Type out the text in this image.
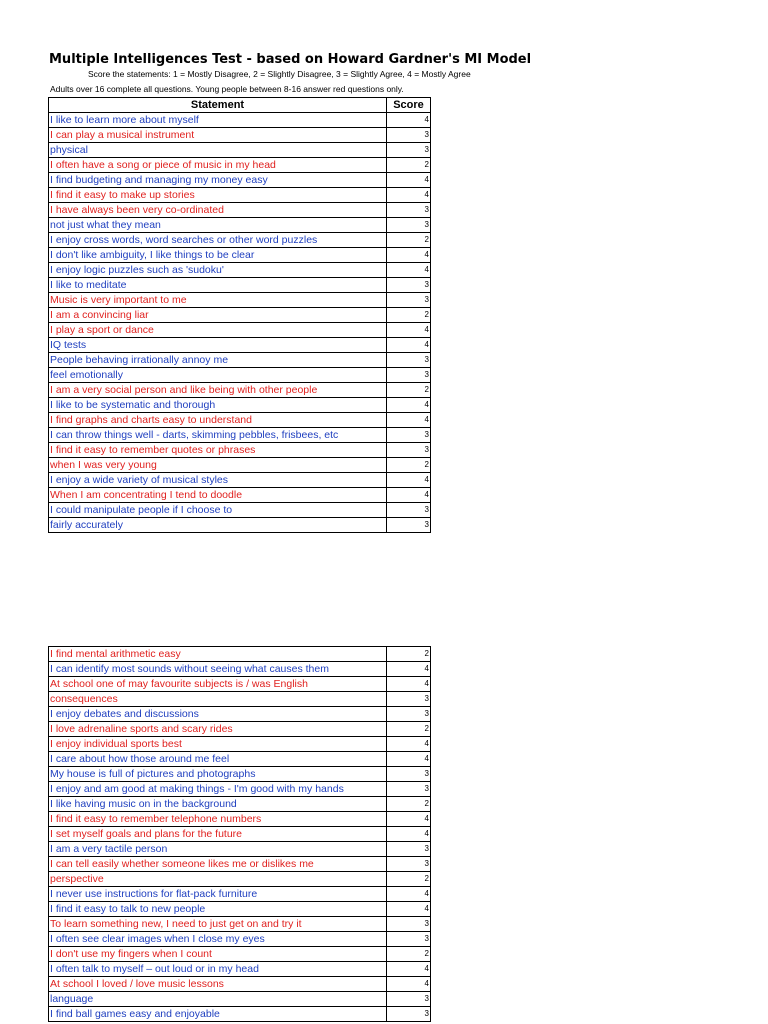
Multiple Intelligences Test - based on Howard Gardner's MI Model
Score the statements: 1 = Mostly Disagree, 2 = Slightly Disagree, 3 = Slightly Agree, 4 = Mostly Agree
Adults over 16 complete all questions. Young people between 8-16 answer red questions only.
Statement	Score
I like to learn more about myself	4
I can play a musical instrument	3
physical	3
I often have a song or piece of music in my head	2
I find budgeting and managing my money easy	4
I find it easy to make up stories	4
I have always been very co-ordinated	3
not just what they mean	3
I enjoy cross words, word searches or other word puzzles	2
I don't like ambiguity, I like things to be clear	4
I enjoy logic puzzles such as 'sudoku'	4
I like to meditate	3
Music is very important to me	3
I am a convincing liar	2
I play a sport or dance	4
IQ tests	4
People behaving irrationally annoy me	3
feel emotionally	3
I am a very social person and like being with other people	2
I like to be systematic and thorough	4
I find graphs and charts easy to understand	4
I can throw things well - darts, skimming pebbles, frisbees, etc	3
I find it easy to remember quotes or phrases	3
when I was very young	2
I enjoy a wide variety of musical styles	4
When I am concentrating I tend to doodle	4
I could manipulate people if I choose to	3
fairly accurately	3
I find mental arithmetic easy	2
I can identify most sounds without seeing what causes them	4
At school one of may favourite subjects is / was English	4
consequences	3
I enjoy debates and discussions	3
I love adrenaline sports and scary rides	2
I enjoy individual sports best	4
I care about how those around me feel	4
My house is full of pictures and photographs	3
I enjoy and am good at making things - I'm good with my hands	3
I like having music on in the background	2
I find it easy to remember telephone numbers	4
I set myself goals and plans for the future	4
I am a very tactile person	3
I can tell easily whether someone likes me or dislikes me	3
perspective	2
I never use instructions for flat-pack furniture	4
I find it easy to talk to new people	4
To learn something new, I need to just get on and try it	3
I often see clear images when I close my eyes	3
I don't use my fingers when I count	2
I often talk to myself – out loud or in my head	4
At school I loved / love music lessons	4
language	3
I find ball games easy and enjoyable	3
